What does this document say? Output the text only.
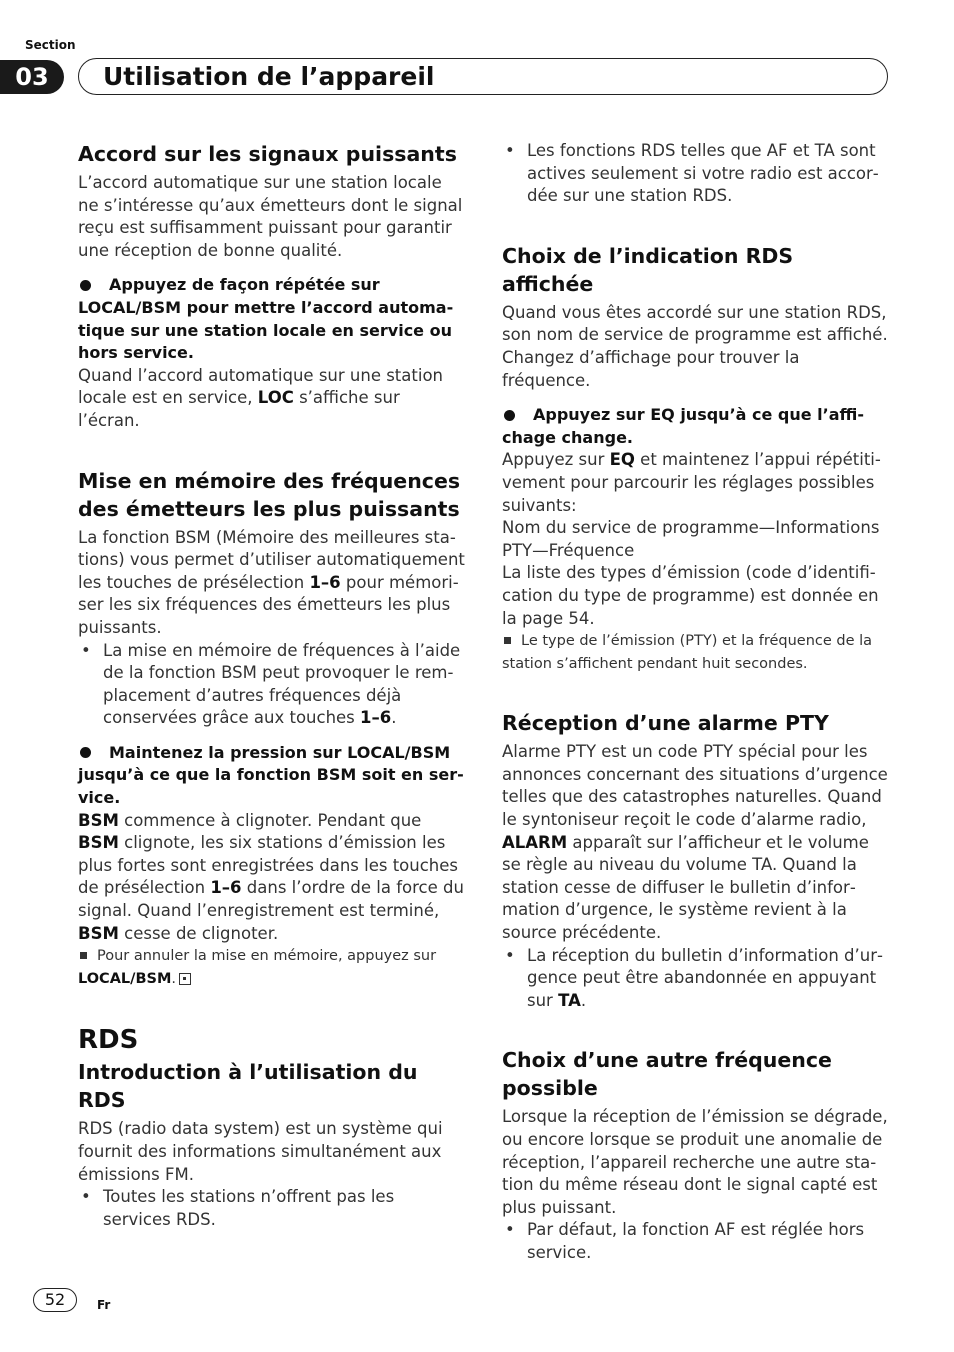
Section
03	Utilisation de l’appareil
Accord sur les signaux puissants

L’accord automatique sur une station locale ne s’intéresse qu’aux émetteurs dont le signal reçu est suffisamment puissant pour garantir une réception de bonne qualité.

Appuyez de façon répétée sur LOCAL/BSM pour mettre l’accord automatique sur une station locale en service ou hors service.

Quand l’accord automatique sur une station locale est en service, LOC s’affiche sur l’écran.

Mise en mémoire des fréquences des émetteurs les plus puissants

La fonction BSM (Mémoire des meilleures stations) vous permet d’utiliser automatiquement les touches de présélection 1–6 pour mémoriser les six fréquences des émetteurs les plus puissants.

• La mise en mémoire de fréquences à l’aide de la fonction BSM peut provoquer le remplacement d’autres fréquences déjà conservées grâce aux touches 1–6.

Maintenez la pression sur LOCAL/BSM jusqu’à ce que la fonction BSM soit en service.

BSM commence à clignoter. Pendant que BSM clignote, les six stations d’émission les plus fortes sont enregistrées dans les touches de présélection 1–6 dans l’ordre de la force du signal. Quand l’enregistrement est terminé, BSM cesse de clignoter.

Pour annuler la mise en mémoire, appuyez sur LOCAL/BSM.

RDS
Introduction à l’utilisation du RDS

RDS (radio data system) est un système qui fournit des informations simultanément aux émissions FM.

• Toutes les stations n’offrent pas les services RDS.
• Les fonctions RDS telles que AF et TA sont actives seulement si votre radio est accordée sur une station RDS.
Choix de l’indication RDS affichée

Quand vous êtes accordé sur une station RDS, son nom de service de programme est affiché. Changez d’affichage pour trouver la fréquence.

Appuyez sur EQ jusqu’à ce que l’affichage change.

Appuyez sur EQ et maintenez l’appui répétitivement pour parcourir les réglages possibles suivants:

Nom du service de programme—Informations PTY—Fréquence

La liste des types d’émission (code d’identification du type de programme) est donnée en la page 54.

Le type de l’émission (PTY) et la fréquence de la station s’affichent pendant huit secondes.

Réception d’une alarme PTY

Alarme PTY est un code PTY spécial pour les annonces concernant des situations d’urgence telles que des catastrophes naturelles. Quand le syntoniseur reçoit le code d’alarme radio, ALARM apparaît sur l’afficheur et le volume se règle au niveau du volume TA. Quand la station cesse de diffuser le bulletin d’information d’urgence, le système revient à la source précédente.

• La réception du bulletin d’information d’urgence peut être abandonnée en appuyant sur TA.
Choix d’une autre fréquence possible

Lorsque la réception de l’émission se dégrade, ou encore lorsque se produit une anomalie de réception, l’appareil recherche une autre station du même réseau dont le signal capté est plus puissant.

• Par défaut, la fonction AF est réglée hors service.
52	Fr
